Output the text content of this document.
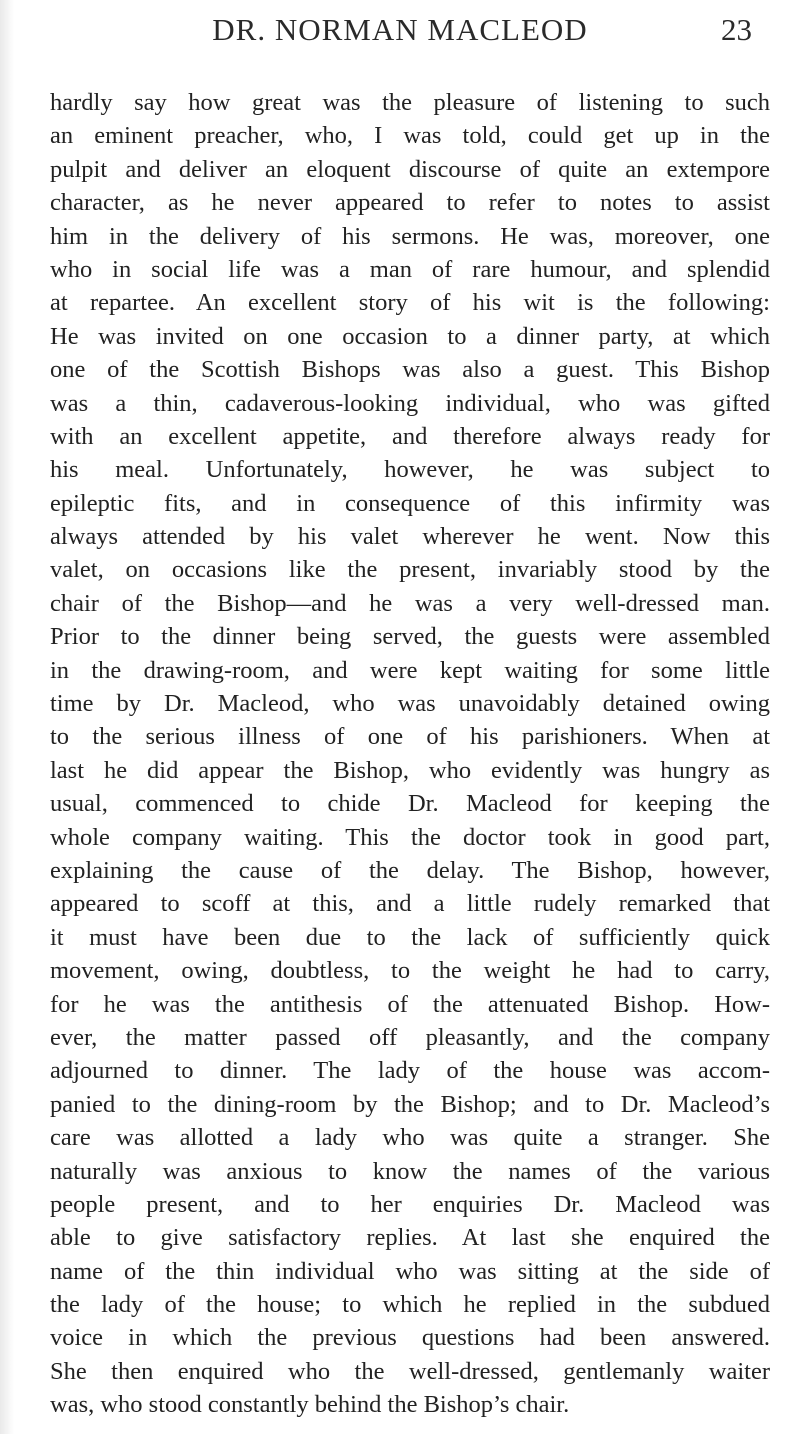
DR. NORMAN MACLEOD	23
hardly say how great was the pleasure of listening to such
an eminent preacher, who, I was told, could get up in the
pulpit and deliver an eloquent discourse of quite an extempore
character, as he never appeared to refer to notes to assist
him in the delivery of his sermons. He was, moreover, one
who in social life was a man of rare humour, and splendid
at repartee. An excellent story of his wit is the following:
He was invited on one occasion to a dinner party, at which
one of the Scottish Bishops was also a guest. This Bishop
was a thin, cadaverous-looking individual, who was gifted
with an excellent appetite, and therefore always ready for
his meal. Unfortunately, however, he was subject to
epileptic fits, and in consequence of this infirmity was
always attended by his valet wherever he went. Now this
valet, on occasions like the present, invariably stood by the
chair of the Bishop—and he was a very well-dressed man.
Prior to the dinner being served, the guests were assembled
in the drawing-room, and were kept waiting for some little
time by Dr. Macleod, who was unavoidably detained owing
to the serious illness of one of his parishioners. When at
last he did appear the Bishop, who evidently was hungry as
usual, commenced to chide Dr. Macleod for keeping the
whole company waiting. This the doctor took in good part,
explaining the cause of the delay. The Bishop, however,
appeared to scoff at this, and a little rudely remarked that
it must have been due to the lack of sufficiently quick
movement, owing, doubtless, to the weight he had to carry,
for he was the antithesis of the attenuated Bishop. How-
ever, the matter passed off pleasantly, and the company
adjourned to dinner. The lady of the house was accom-
panied to the dining-room by the Bishop; and to Dr. Macleod’s
care was allotted a lady who was quite a stranger. She
naturally was anxious to know the names of the various
people present, and to her enquiries Dr. Macleod was
able to give satisfactory replies. At last she enquired the
name of the thin individual who was sitting at the side of
the lady of the house; to which he replied in the subdued
voice in which the previous questions had been answered.
She then enquired who the well-dressed, gentlemanly waiter
was, who stood constantly behind the Bishop’s chair.
